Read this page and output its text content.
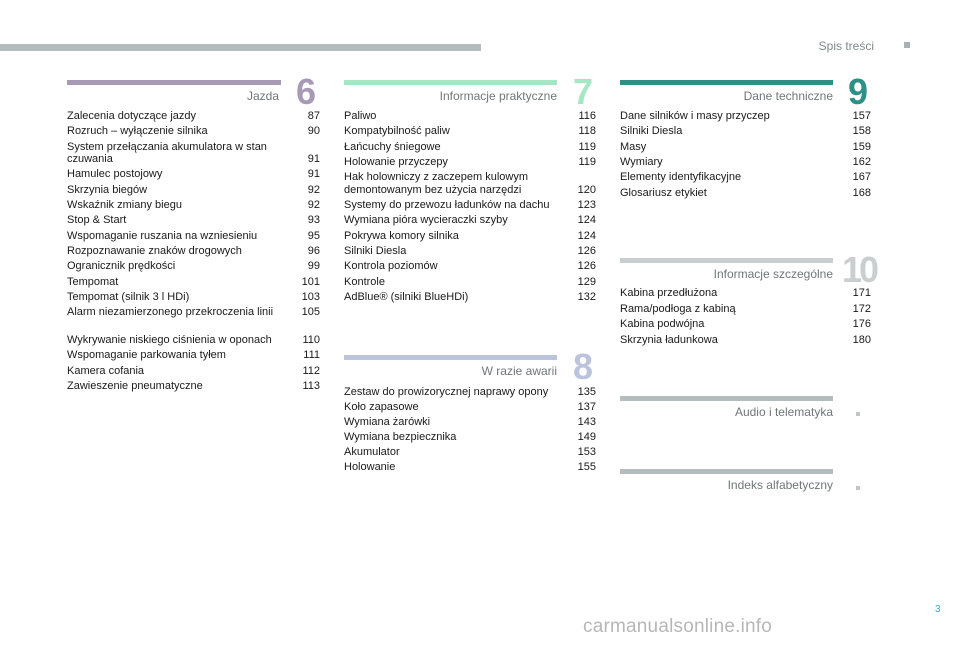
Spis treści
Jazda 6
Zalecenia dotyczące jazdy	87
Rozruch – wyłączenie silnika	90
System przełączania akumulatora w stan czuwania	91
Hamulec postojowy	91
Skrzynia biegów	92
Wskaźnik zmiany biegu	92
Stop & Start	93
Wspomaganie ruszania na wzniesieniu	95
Rozpoznawanie znaków drogowych	96
Ogranicznik prędkości	99
Tempomat	101
Tempomat (silnik 3 l HDi)	103
Alarm niezamierzonego przekroczenia linii	105
Wykrywanie niskiego ciśnienia w oponach	110
Wspomaganie parkowania tyłem	111
Kamera cofania	112
Zawieszenie pneumatyczne	113
Informacje praktyczne 7
Paliwo	116
Kompatybilność paliw	118
Łańcuchy śniegowe	119
Holowanie przyczepy	119
Hak holowniczy z zaczepem kulowym demontowanym bez użycia narzędzi	120
Systemy do przewozu ładunków na dachu	123
Wymiana pióra wycieraczki szyby	124
Pokrywa komory silnika	124
Silniki Diesla	126
Kontrola poziomów	126
Kontrole	129
AdBlue® (silniki BlueHDi)	132
W razie awarii 8
Zestaw do prowizorycznej naprawy opony	135
Koło zapasowe	137
Wymiana żarówki	143
Wymiana bezpiecznika	149
Akumulator	153
Holowanie	155
Dane techniczne 9
Dane silników i masy przyczep	157
Silniki Diesla	158
Masy	159
Wymiary	162
Elementy identyfikacyjne	167
Glosariusz etykiet	168
Informacje szczególne 10
Kabina przedłużona	171
Rama/podłoga z kabiną	172
Kabina podwójna	176
Skrzynia ładunkowa	180
Audio i telematyka
Indeks alfabetyczny
3
carmanualsonline.info
